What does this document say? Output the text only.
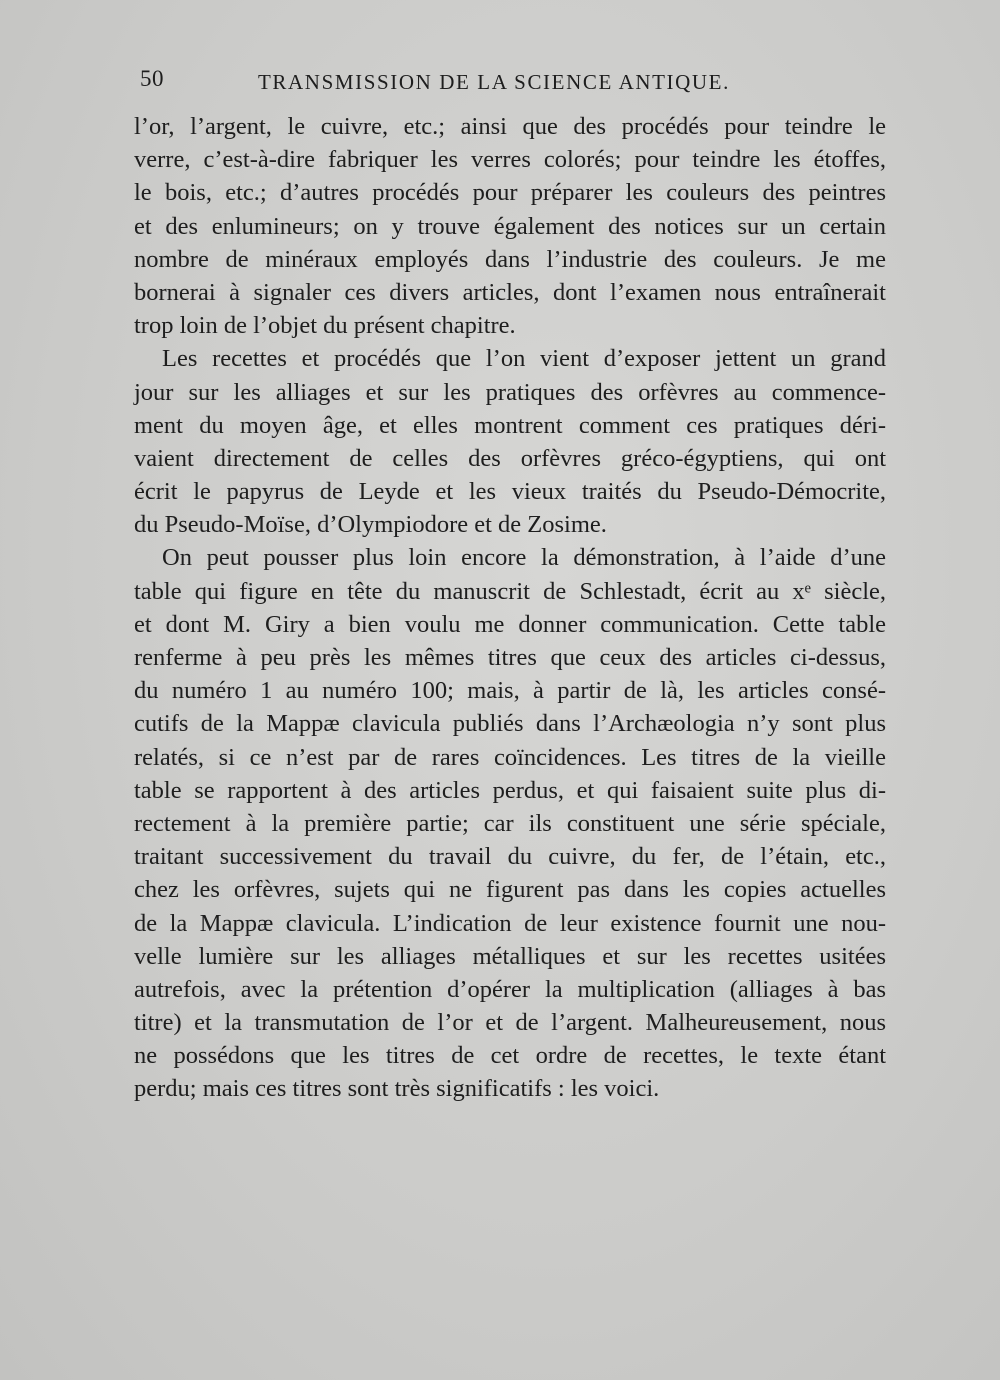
50	TRANSMISSION DE LA SCIENCE ANTIQUE.
l’or, l’argent, le cuivre, etc.; ainsi que des procédés pour teindre le
verre, c’est-à-dire fabriquer les verres colorés; pour teindre les étoffes,
le bois, etc.; d’autres procédés pour préparer les couleurs des peintres
et des enlumineurs; on y trouve également des notices sur un certain
nombre de minéraux employés dans l’industrie des couleurs. Je me
bornerai à signaler ces divers articles, dont l’examen nous entraînerait
trop loin de l’objet du présent chapitre.
Les recettes et procédés que l’on vient d’exposer jettent un grand
jour sur les alliages et sur les pratiques des orfèvres au commence-
ment du moyen âge, et elles montrent comment ces pratiques déri-
vaient directement de celles des orfèvres gréco-égyptiens, qui ont
écrit le papyrus de Leyde et les vieux traités du Pseudo-Démocrite,
du Pseudo-Moïse, d’Olympiodore et de Zosime.
On peut pousser plus loin encore la démonstration, à l’aide d’une
table qui figure en tête du manuscrit de Schlestadt, écrit au xᵉ siècle,
et dont M. Giry a bien voulu me donner communication. Cette table
renferme à peu près les mêmes titres que ceux des articles ci-dessus,
du numéro 1 au numéro 100; mais, à partir de là, les articles consé-
cutifs de la Mappæ clavicula publiés dans l’Archæologia n’y sont plus
relatés, si ce n’est par de rares coïncidences. Les titres de la vieille
table se rapportent à des articles perdus, et qui faisaient suite plus di-
rectement à la première partie; car ils constituent une série spéciale,
traitant successivement du travail du cuivre, du fer, de l’étain, etc.,
chez les orfèvres, sujets qui ne figurent pas dans les copies actuelles
de la Mappæ clavicula. L’indication de leur existence fournit une nou-
velle lumière sur les alliages métalliques et sur les recettes usitées
autrefois, avec la prétention d’opérer la multiplication (alliages à bas
titre) et la transmutation de l’or et de l’argent. Malheureusement, nous
ne possédons que les titres de cet ordre de recettes, le texte étant
perdu; mais ces titres sont très significatifs : les voici.
